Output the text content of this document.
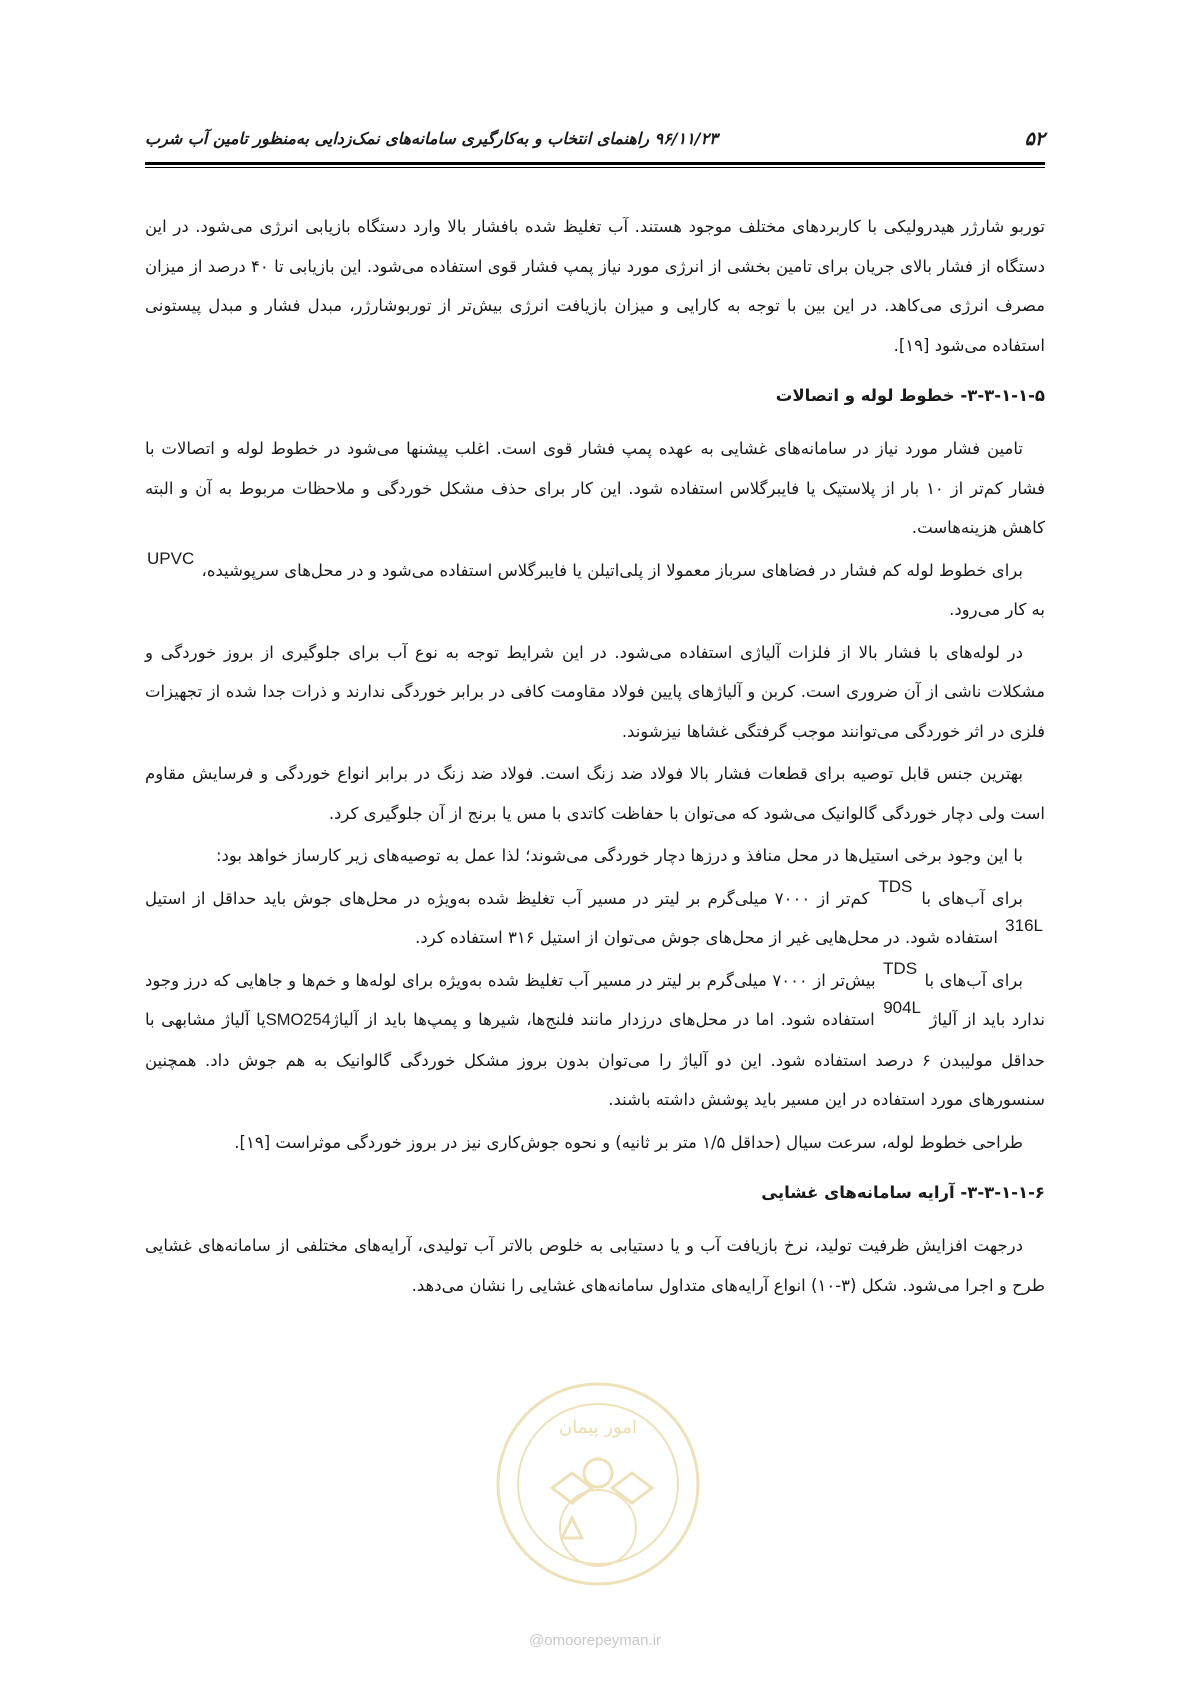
۵۲
۹۶/۱۱/۲۳ راهنمای انتخاب و به‌کارگیری سامانه‌های نمک‌زدایی به‌منظور تامین آب شرب

توربو شارژر هیدرولیکی با کاربردهای مختلف موجود هستند. آب تغلیظ شده بافشار بالا وارد دستگاه بازیابی انرژی می‌شود. در این دستگاه از فشار بالای جریان برای تامین بخشی از انرژی مورد نیاز پمپ فشار قوی استفاده می‌شود. این بازیابی تا ۴۰ درصد از میزان مصرف انرژی می‌کاهد. در این بین با توجه به کارایی و میزان بازیافت انرژی بیش‌تر از توربوشارژر، مبدل فشار و مبدل پیستونی استفاده می‌شود [۱۹].

۳-۳-۱-۱-۵- خطوط لوله و اتصالات

تامین فشار مورد نیاز در سامانه‌های غشایی به عهده پمپ فشار قوی است. اغلب پیشنها می‌شود در خطوط لوله و اتصالات با فشار کم‌تر از ۱۰ بار از پلاستیک یا فایبرگلاس استفاده شود. این کار برای حذف مشکل خوردگی و ملاحظات مربوط به آن و البته کاهش هزینه‌هاست.

برای خطوط لوله کم فشار در فضاهای سرباز معمولا از پلی‌اتیلن یا فایبرگلاس استفاده می‌شود و در محل‌های سرپوشیده، UPVC به کار می‌رود.

در لوله‌های با فشار بالا از فلزات آلیاژی استفاده می‌شود. در این شرایط توجه به نوع آب برای جلوگیری از بروز خوردگی و مشکلات ناشی از آن ضروری است. کربن و آلیاژهای پایین فولاد مقاومت کافی در برابر خوردگی ندارند و ذرات جدا شده از تجهیزات فلزی در اثر خوردگی می‌توانند موجب گرفتگی غشاها نیزشوند.

بهترین جنس قابل توصیه برای قطعات فشار بالا فولاد ضد زنگ است. فولاد ضد زنگ در برابر انواع خوردگی و فرسایش مقاوم است ولی دچار خوردگی گالوانیک می‌شود که می‌توان با حفاظت کاتدی با مس یا برنج از آن جلوگیری کرد.

با این وجود برخی استیل‌ها در محل منافذ و درزها دچار خوردگی می‌شوند؛ لذا عمل به توصیه‌های زیر کارساز خواهد بود:

برای آب‌های با TDS کم‌تر از ۷۰۰۰ میلی‌گرم بر لیتر در مسیر آب تغلیظ شده به‌ویژه در محل‌های جوش باید حداقل از استیل 316L استفاده شود. در محل‌هایی غیر از محل‌های جوش می‌توان از استیل ۳۱۶ استفاده کرد.

برای آب‌های با TDS بیش‌تر از ۷۰۰۰ میلی‌گرم بر لیتر در مسیر آب تغلیظ شده به‌ویژه برای لوله‌ها و خم‌ها و جاهایی که درز وجود ندارد باید از آلیاژ 904L استفاده شود. اما در محل‌های درزدار مانند فلنج‌ها، شیرها و پمپ‌ها باید از آلیاژSMO254یا آلیاژ مشابهی با حداقل مولیبدن ۶ درصد استفاده شود. این دو آلیاژ را می‌توان بدون بروز مشکل خوردگی گالوانیک به هم جوش داد. همچنین سنسورهای مورد استفاده در این مسیر باید پوشش داشته باشند.

طراحی خطوط لوله، سرعت سیال (حداقل ۱/۵ متر بر ثانیه) و نحوه جوش‌کاری نیز در بروز خوردگی موثراست [۱۹].

۳-۳-۱-۱-۶- آرایه سامانه‌های غشایی

درجهت افزایش ظرفیت تولید، نرخ بازیافت آب و یا دستیابی به خلوص بالاتر آب تولیدی، آرایه‌های مختلفی از سامانه‌های غشایی طرح و اجرا می‌شود. شکل (۳-۱۰) انواع آرایه‌های متداول سامانه‌های غشایی را نشان می‌دهد.

امور پیمان
@omoorepeyman.ir
